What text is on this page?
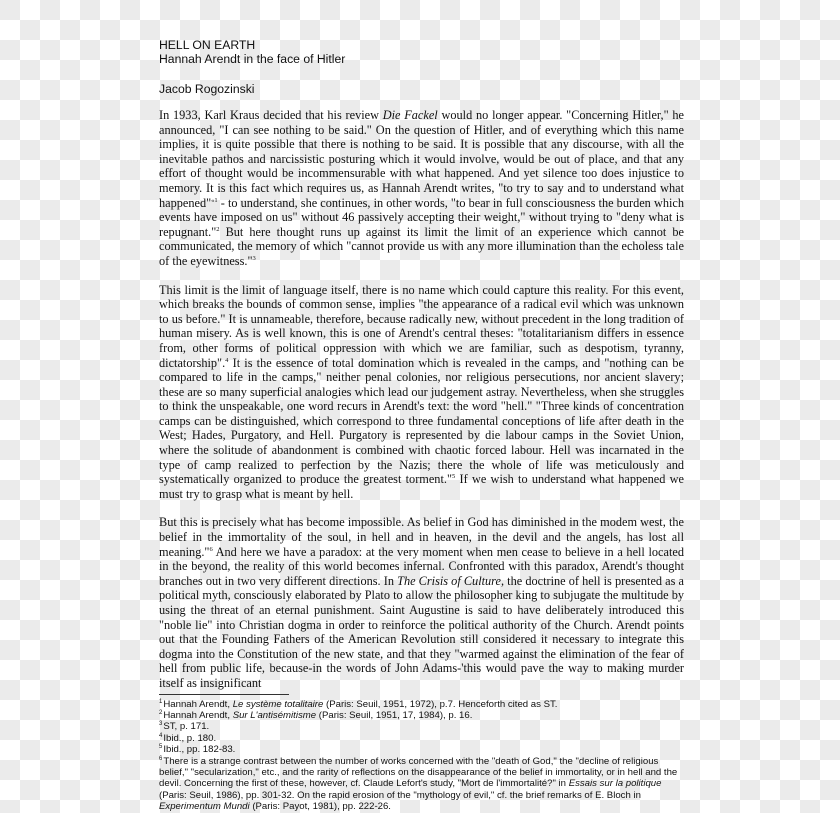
HELL ON EARTH

Hannah Arendt in the face of Hitler

Jacob Rogozinski

In 1933, Karl Kraus decided that his review Die Fackel would no longer appear. "Concerning Hitler," he announced, "I can see nothing to be said." On the question of Hitler, and of everything which this name implies, it is quite possible that there is nothing to be said. It is possible that any discourse, with all the inevitable pathos and narcissistic posturing which it would involve, would be out of place, and that any effort of thought would be incommensurable with what happened. And yet silence too does injustice to memory. It is this fact which requires us, as Hannah Arendt writes, "to try to say and to understand what happened"$^{«1}$ - to understand, she continues, in other words, "to bear in full consciousness the burden which events have imposed on us" without 46 passively accepting their weight," without trying to "deny what is repugnant."$^2$ But here thought runs up against its limit the limit of an experience which cannot be communicated, the memory of which "cannot provide us with any more illumination than the echoless tale of the eyewitness."$^3$

This limit is the limit of language itself, there is no name which could capture this reality. For this event, which breaks the bounds of common sense, implies "the appearance of a radical evil which was unknown to us before." It is unnameable, therefore, because radically new, without precedent in the long tradition of human misery. As is well known, this is one of Arendt's central theses: "totalitarianism differs in essence from, other forms of political oppression with which we are familiar, such as despotism, tyranny, dictatorship".$^4$ It is the essence of total domination which is revealed in the camps, and "nothing can be compared to life in the camps," neither penal colonies, nor religious persecutions, nor ancient slavery; these are so many superficial analogies which lead our judgement astray. Nevertheless, when she struggles to think the unspeakable, one word recurs in Arendt's text: the word "hell." "Three kinds of concentration camps can be distinguished, which correspond to three fundamental conceptions of life after death in the West; Hades, Purgatory, and Hell. Purgatory is represented by die labour camps in the Soviet Union, where the solitude of abandonment is combined with chaotic forced labour. Hell was incarnated in the type of camp realized to perfection by the Nazis; there the whole of life was meticulously and systematically organized to produce the greatest torment."$^5$ If we wish to understand what happened we must try to grasp what is meant by hell.

But this is precisely what has become impossible. As belief in God has diminished in the modem west, the belief in the immortality of the soul, in hell and in heaven, in the devil and the angels, has lost all meaning."$^6$ And here we have a paradox: at the very moment when men cease to believe in a hell located in the beyond, the reality of this world becomes infernal. Confronted with this paradox, Arendt's thought branches out in two very different directions. In The Crisis of Culture, the doctrine of hell is presented as a political myth, consciously elaborated by Plato to allow the philosopher king to subjugate the multitude by using the threat of an eternal punishment. Saint Augustine is said to have deliberately introduced this "noble lie" into Christian dogma in order to reinforce the political authority of the Church. Arendt points out that the Founding Fathers of the American Revolution still considered it necessary to integrate this dogma into the Constitution of the new state, and that they "warmed against the elimination of the fear of hell from public life, because-in the words of John Adams-'this would pave the way to making murder itself as insignificant

$^1$Hannah Arendt, Le système totalitaire (Paris: Seuil, 1951, 1972), p.7. Henceforth cited as ST.
$^2$Hannah Arendt, Sur L'antisémitisme (Paris: Seuil, 1951, 17, 1984), p. 16.
$^3$ST, p. 171.
$^4$Ibid., p. 180.
$^5$Ibid., pp. 182-83.
$^6$There is a strange contrast between the number of works concerned with the "death of God," the "decline of religious belief," "secularization," etc., and the rarity of reflections on the disappearance of the belief in immortality, or in hell and the devil. Concerning the first of these, however, cf. Claude Lefort's study, "Mort de l'immortalité?" in Essais sur la politique (Paris: Seuil, 1986), pp. 301-32. On the rapid erosion of the "mythology of evil," cf. the brief remarks of E. Bloch in Experimentum Mundi (Paris: Payot, 1981), pp. 222-26.
